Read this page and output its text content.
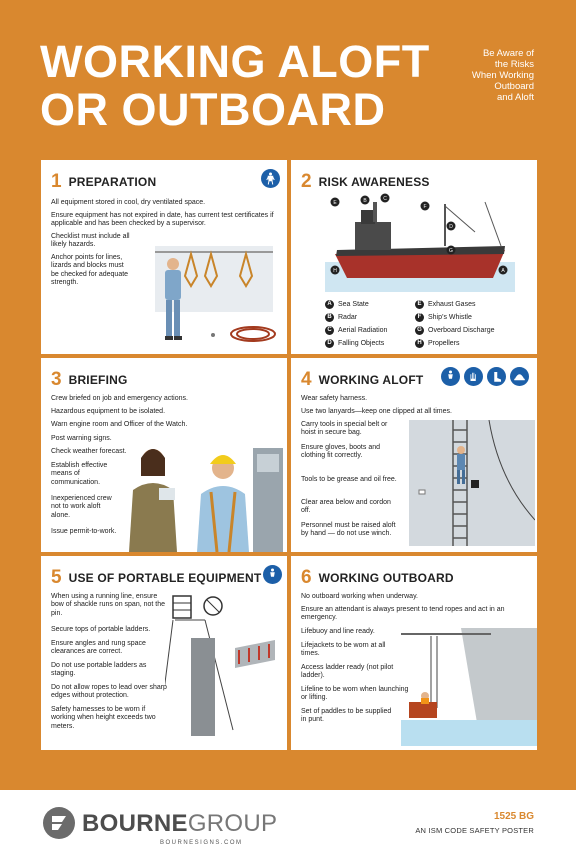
WORKING ALOFT
OR OUTBOARD
Be Aware of
the Risks
When Working
Outboard
and Aloft
1 PREPARATION

All equipment stored in cool, dry ventilated space.

Ensure equipment has not expired in date, has current test certificates if applicable and has been checked by a supervisor.

Checklist must include all likely hazards.

Anchor points for lines, lizards and blocks must be checked for adequate strength.

2 RISK AWARENESS
E	B	C
F
D
G
H	A
A Sea State
B Radar
C Aerial Radiation
D Falling Objects
E Exhaust Gases
F Ship’s Whistle
G Overboard Discharge
H Propellers
3 BRIEFING

Crew briefed on job and emergency actions.

Hazardous equipment to be isolated.

Warn engine room and Officer of the Watch.

Post warning signs.

Check weather forecast.

Establish effective means of communication.

Inexperienced crew not to work aloft alone.

Issue permit-to-work.

4 WORKING ALOFT

Wear safety harness.

Use two lanyards—keep one clipped at all times.

Carry tools in special belt or hoist in secure bag.

Ensure gloves, boots and clothing fit correctly.

Tools to be grease and oil free.

Clear area below and cordon off.

Personnel must be raised aloft by hand — do not use winch.

5 USE OF PORTABLE EQUIPMENT

When using a running line, ensure bow of shackle runs on span, not the pin.

Secure tops of portable ladders.

Ensure angles and rung space clearances are correct.

Do not use portable ladders as staging.

Do not allow ropes to lead over sharp edges without protection.

Safety harnesses to be worn if working when height exceeds two meters.

6 WORKING OUTBOARD

No outboard working when underway.

Ensure an attendant is always present to tend ropes and act in an emergency.

Lifebuoy and line ready.

Lifejackets to be worn at all times.

Access ladder ready (not pilot ladder).

Lifeline to be worn when launching or lifting.

Set of paddles to be supplied in punt.

BOURNEGROUP
BOURNESIGNS.COM
1525 BG
AN ISM CODE SAFETY POSTER
